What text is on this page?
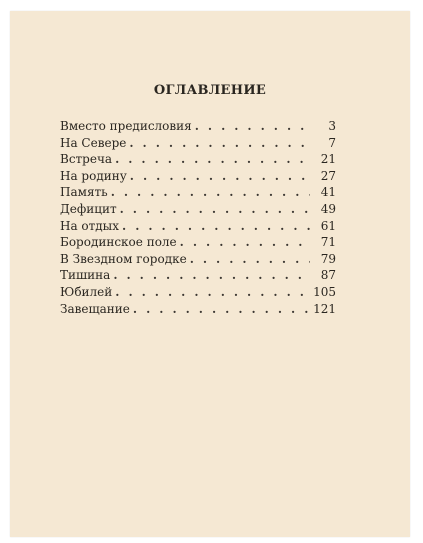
ОГЛАВЛЕНИЕ
Вместо предисловия .....	3
На Севере .....	7
Встреча .....	21
На родину .....	27
Память .....	41
Дефицит .....	49
На отдых .....	61
Бородинское поле .....	71
В Звездном городке .....	79
Тишина .....	87
Юбилей .....	105
Завещание .....	121
